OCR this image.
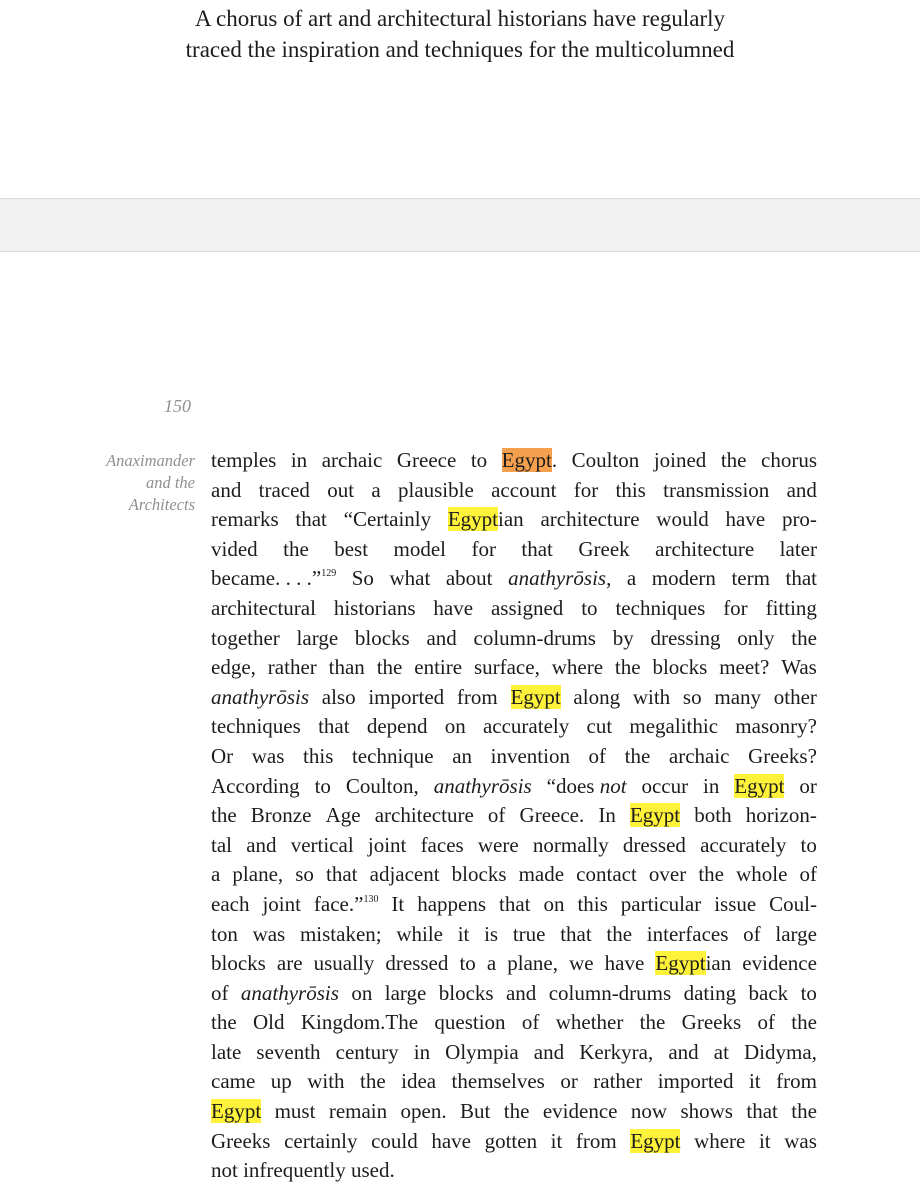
A chorus of art and architectural historians have regularly
traced the inspiration and techniques for the multicolumned
150
Anaximander
and the
Architects
temples in archaic Greece to Egypt. Coulton joined the chorus
and traced out a plausible account for this transmission and
remarks that “Certainly Egyptian architecture would have pro-
vided the best model for that Greek architecture later
became. . . .”$^{129}$ So what about anathyrōsis, a modern term that
architectural historians have assigned to techniques for fitting
together large blocks and column-drums by dressing only the
edge, rather than the entire surface, where the blocks meet? Was
anathyrōsis also imported from Egypt along with so many other
techniques that depend on accurately cut megalithic masonry?
Or was this technique an invention of the archaic Greeks?
According to Coulton, anathyrōsis “does not occur in Egypt or
the Bronze Age architecture of Greece. In Egypt both horizon-
tal and vertical joint faces were normally dressed accurately to
a plane, so that adjacent blocks made contact over the whole of
each joint face.”$^{130}$ It happens that on this particular issue Coul-
ton was mistaken; while it is true that the interfaces of large
blocks are usually dressed to a plane, we have Egyptian evidence
of anathyrōsis on large blocks and column-drums dating back to
the Old Kingdom.The question of whether the Greeks of the
late seventh century in Olympia and Kerkyra, and at Didyma,
came up with the idea themselves or rather imported it from
Egypt must remain open. But the evidence now shows that the
Greeks certainly could have gotten it from Egypt where it was
not infrequently used.
